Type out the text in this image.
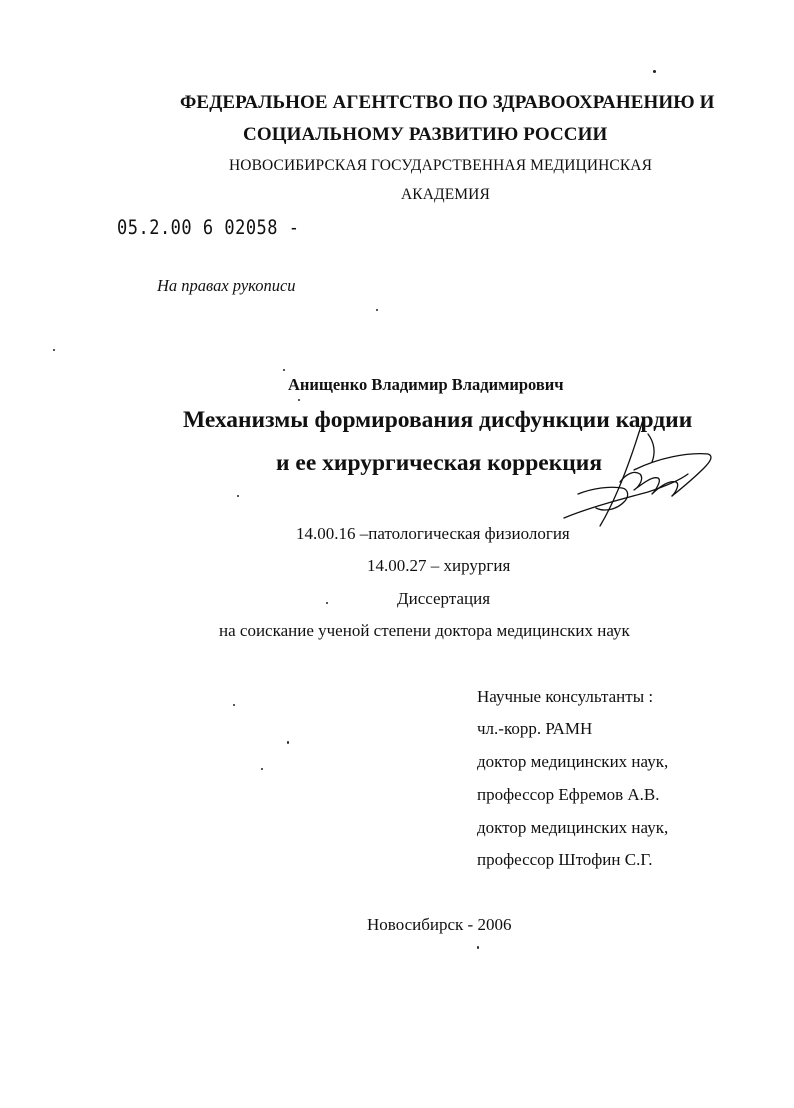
ФЕДЕРАЛЬНОЕ АГЕНТСТВО ПО ЗДРАВООХРАНЕНИЮ И
СОЦИАЛЬНОМУ РАЗВИТИЮ РОССИИ
НОВОСИБИРСКАЯ ГОСУДАРСТВЕННАЯ МЕДИЦИНСКАЯ
АКАДЕМИЯ
05.2.00 6 02058 -
На правах рукописи
Анищенко Владимир Владимирович
Механизмы формирования дисфункции кардии
и ее хирургическая коррекция
14.00.16 –патологическая физиология
14.00.27 – хирургия
Диссертация
на соискание ученой степени доктора медицинских наук
Научные консультанты :
чл.-корр. РАМН
доктор медицинских наук,
профессор Ефремов А.В.
доктор медицинских наук,
профессор Штофин С.Г.
Новосибирск - 2006
